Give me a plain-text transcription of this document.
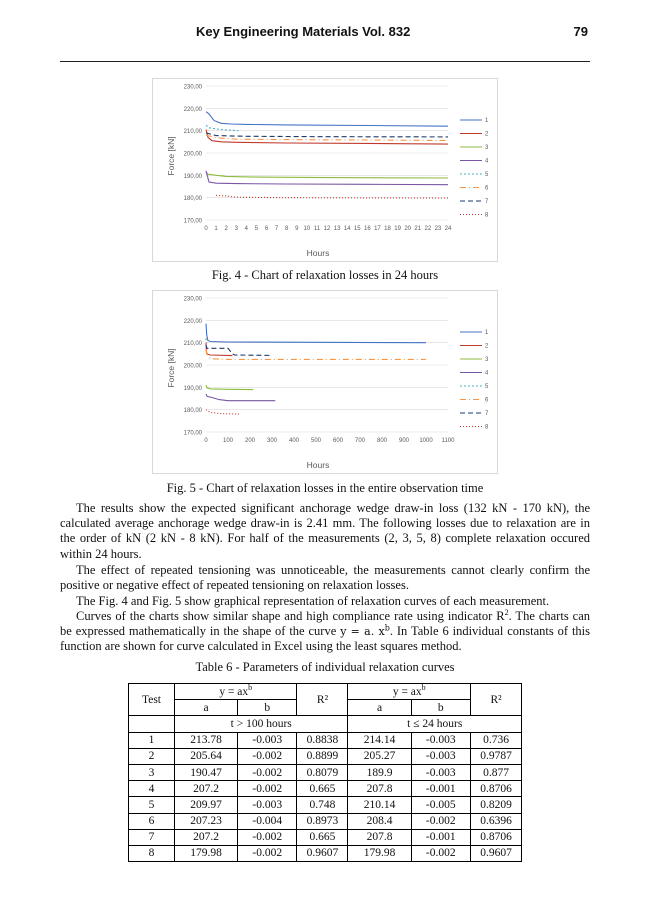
Key Engineering Materials Vol. 832	79
230,00
220,00
210,00
200,00
190,00
180,00
170,00
0 1 2 3 4 5 6 7 8 9 10 11 12 13 14 15 16 17 18 19 20 21 22 23 24
1
2
3
4
5
6
7
8
Force [kN]
Hours
Fig. 4 - Chart of relaxation losses in 24 hours
230,00
220,00
210,00
200,00
190,00
180,00
170,00
0	100 200 300 400 500 600 700 800 900 1000 1100
1
2
3
4
5
6
7
8
Force [kN]
Hours
Fig. 5 - Chart of relaxation losses in the entire observation time
The results show the expected significant anchorage wedge draw-in loss (132 kN - 170 kN), the calculated average anchorage wedge draw-in is 2.41 mm. The following losses due to relaxation are in the order of kN (2 kN - 8 kN). For half of the measurements (2, 3, 5, 8) complete relaxation occured within 24 hours.
The effect of repeated tensioning was unnoticeable, the measurements cannot clearly confirm the positive or negative effect of repeated tensioning on relaxation losses.
The Fig. 4 and Fig. 5 show graphical representation of relaxation curves of each measurement.
Curves of the charts show similar shape and high compliance rate using indicator $R^2$. The charts can be expressed mathematically in the shape of the curve y = a. $x^b$. In Table 6 individual constants of this function are shown for curve calculated in Excel using the least squares method.
Table 6 - Parameters of individual relaxation curves
Test	$y = ax^b$		R²	$y = ax^b$		R²
	a	b		a	b	
	t > 100 hours			t ≤ 24 hours		
1	213.78	-0.003	0.8838	214.14	-0.003	0.736
2	205.64	-0.002	0.8899	205.27	-0.003	0.9787
3	190.47	-0.002	0.8079	189.9	-0.003	0.877
4	207.2	-0.002	0.665	207.8	-0.001	0.8706
5	209.97	-0.003	0.748	210.14	-0.005	0.8209
6	207.23	-0.004	0.8973	208.4	-0.002	0.6396
7	207.2	-0.002	0.665	207.8	-0.001	0.8706
8	179.98	-0.002	0.9607	179.98	-0.002	0.9607
